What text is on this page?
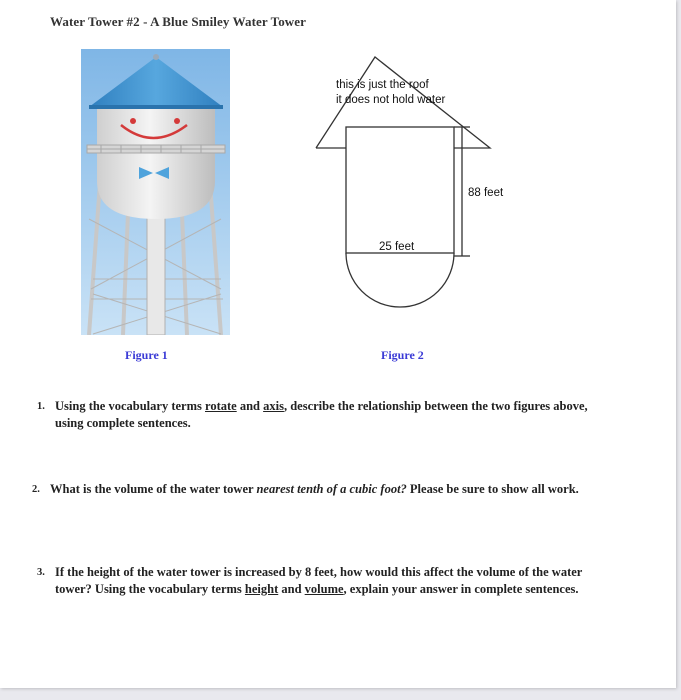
Water Tower #2 - A Blue Smiley Water Tower
Figure 1
this is just the roof
it does not hold water
88 feet
25 feet
Figure 2
1. Using the vocabulary terms rotate and axis, describe the relationship between the two figures above,
using complete sentences.
2. What is the volume of the water tower nearest tenth of a cubic foot? Please be sure to show all work.
3. If the height of the water tower is increased by 8 feet, how would this affect the volume of the water
tower? Using the vocabulary terms height and volume, explain your answer in complete sentences.
